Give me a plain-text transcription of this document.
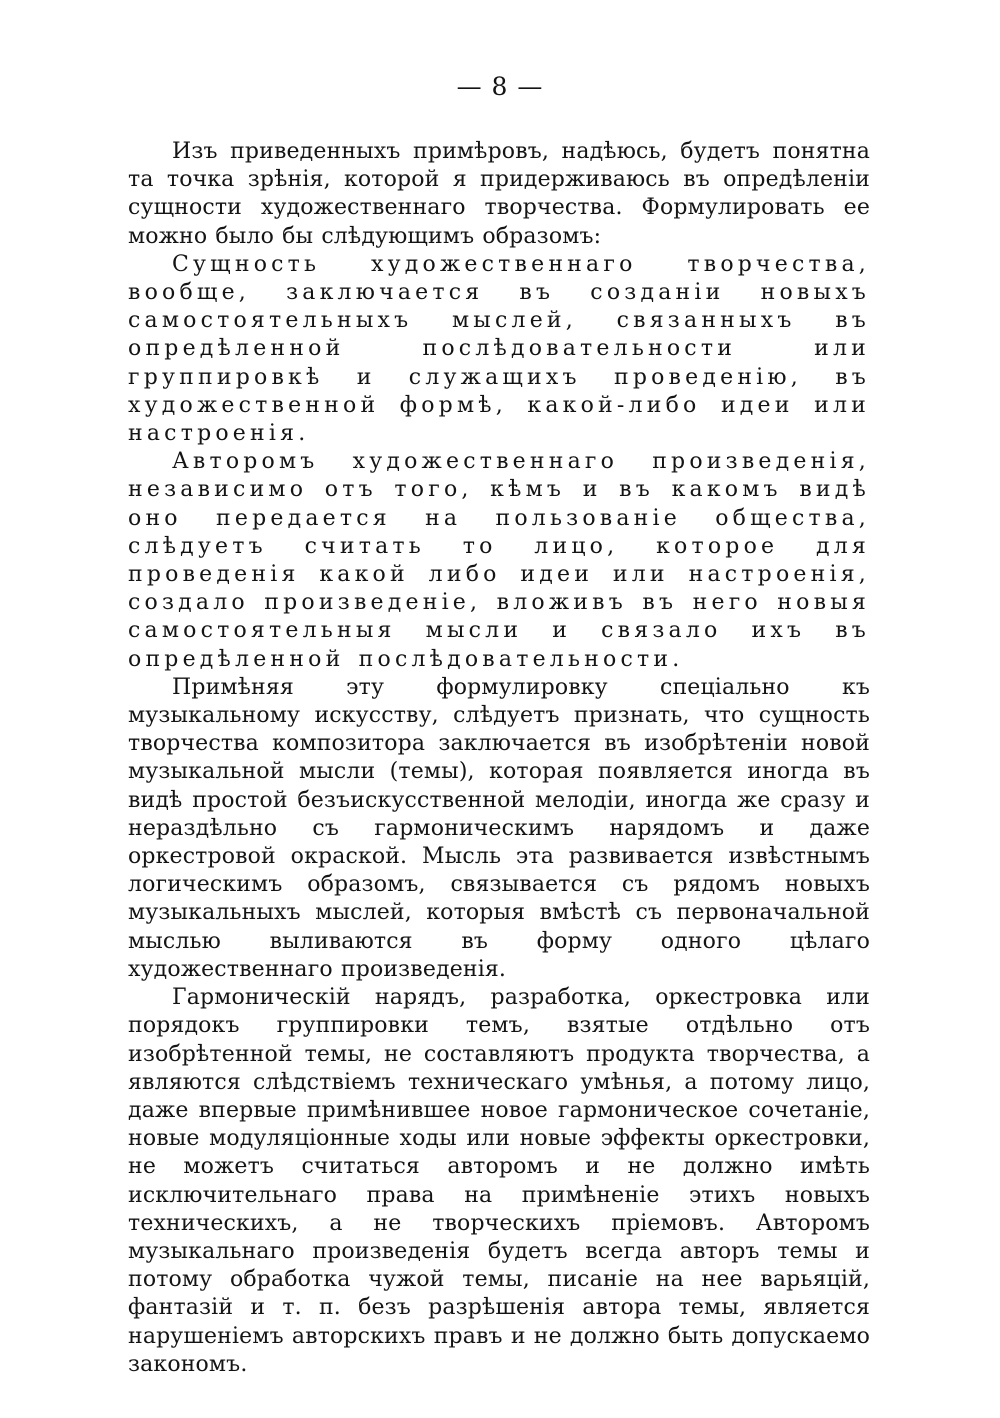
— 8 —

Изъ приведенныхъ примѣровъ, надѣюсь, будетъ понятна та точка зрѣнія, которой я придерживаюсь въ опредѣленіи сущности художественнаго творчества. Формулировать ее можно было бы слѣдующимъ образомъ:

Сущность художественнаго творчества, вообще, заключается въ созданіи новыхъ самостоятельныхъ мыслей, связанныхъ въ опредѣленной послѣдовательности или группировкѣ и служащихъ проведенію, въ художественной формѣ, какой-либо идеи или настроенія.

Авторомъ художественнаго произведенія, независимо отъ того, кѣмъ и въ какомъ видѣ оно передается на пользованіе общества, слѣдуетъ считать то лицо, которое для проведенія какой либо идеи или настроенія, создало произведеніе, вложивъ въ него новыя самостоятельныя мысли и связало ихъ въ опредѣленной послѣдовательности.

Примѣняя эту формулировку спеціально къ музыкальному искусству, слѣдуетъ признать, что сущность творчества композитора заключается въ изобрѣтеніи новой музыкальной мысли (темы), которая появляется иногда въ видѣ простой безъискусственной мелодіи, иногда же сразу и нераздѣльно съ гармоническимъ нарядомъ и даже оркестровой окраской. Мысль эта развивается извѣстнымъ логическимъ образомъ, связывается съ рядомъ новыхъ музыкальныхъ мыслей, которыя вмѣстѣ съ первоначальной мыслью выливаются въ форму одного цѣлаго художественнаго произведенія.

Гармоническій нарядъ, разработка, оркестровка или порядокъ группировки темъ, взятые отдѣльно отъ изобрѣтенной темы, не составляютъ продукта творчества, а являются слѣдствіемъ техническаго умѣнья, а потому лицо, даже впервые примѣнившее новое гармоническое сочетаніе, новые модуляціонные ходы или новые эффекты оркестровки, не можетъ считаться авторомъ и не должно имѣть исключительнаго права на примѣненіе этихъ новыхъ техническихъ, а не творческихъ пріемовъ. Авторомъ музыкальнаго произведенія будетъ всегда авторъ темы и потому обработка чужой темы, писаніе на нее варьяцій, фантазій и т. п. безъ разрѣшенія автора темы, является нарушеніемъ авторскихъ правъ и не должно быть допускаемо закономъ.
